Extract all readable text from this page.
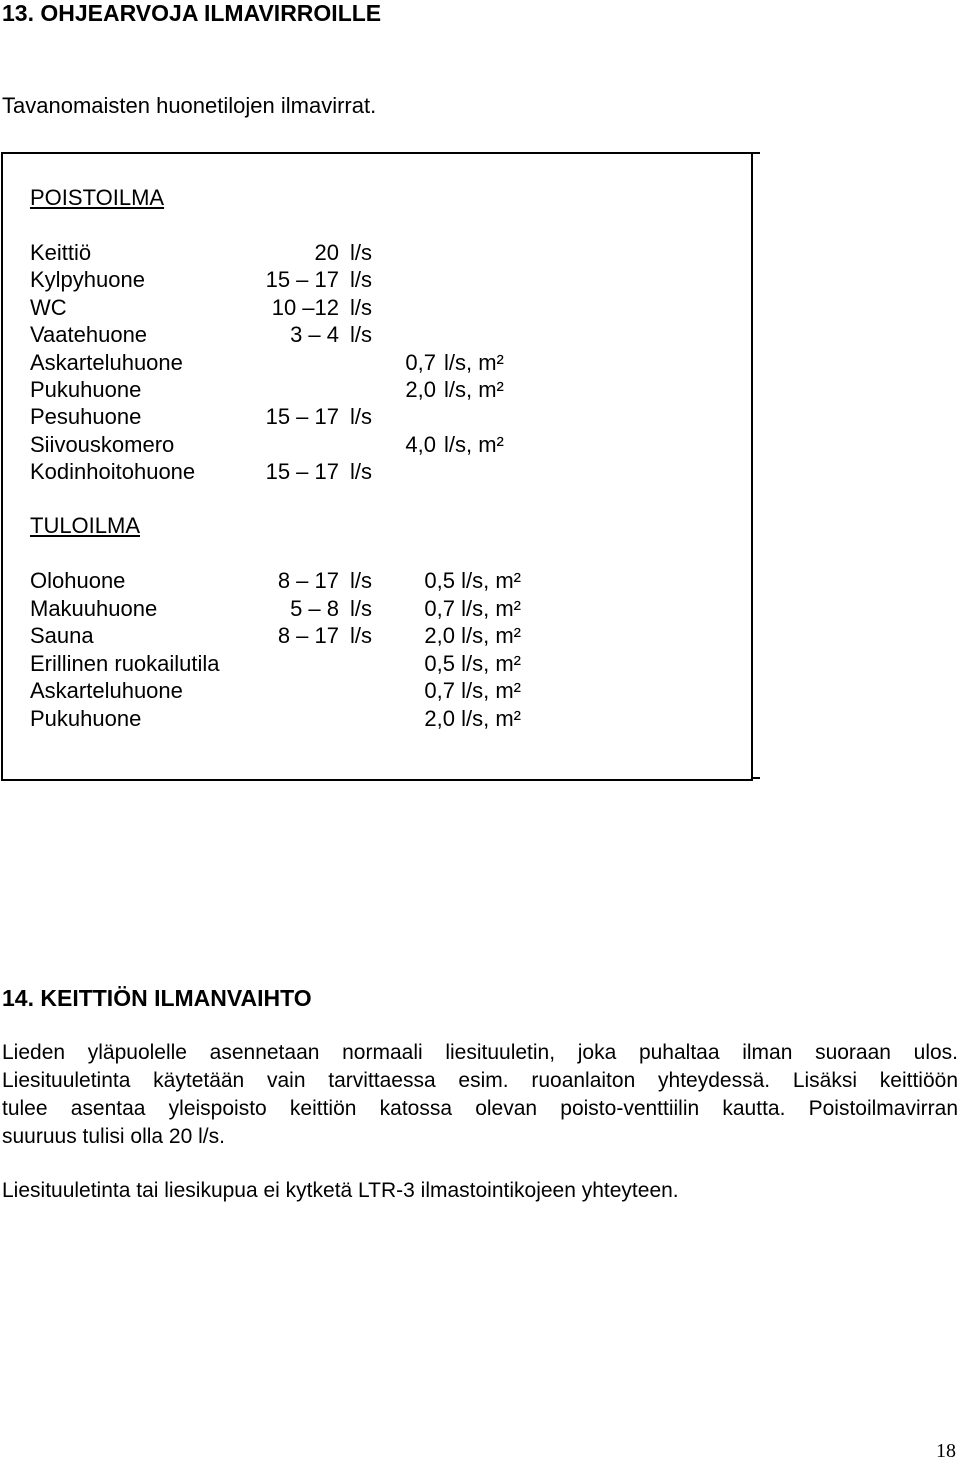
13. OHJEARVOJA ILMAVIRROILLE
Tavanomaisten huonetilojen ilmavirrat.
POISTOILMA
TULOILMA
14. KEITTIÖN ILMANVAIHTO
Lieden yläpuolelle asennetaan normaali liesituuletin, joka puhaltaa ilman suoraan ulos.
Liesituuletinta käytetään vain tarvittaessa esim. ruoanlaiton yhteydessä. Lisäksi keittiöön
tulee asentaa yleispoisto keittiön katossa olevan poisto-venttiilin kautta. Poistoilmavirran
suuruus tulisi olla 20 l/s.
Liesituuletinta tai liesikupua ei kytketä LTR-3 ilmastointikojeen yhteyteen.
18
Keittiö	20 l/s
Kylpyhuone	15 – 17 l/s
WC	10 –12 l/s
Vaatehuone	3 – 4 l/s
Askarteluhuone	0,7 l/s, m²
Pukuhuone	2,0 l/s, m²
Pesuhuone	15 – 17 l/s
Siivouskomero	4,0 l/s, m²
Kodinhoitohuone	15 – 17 l/s
Olohuone	8 – 17 l/s	0,5 l/s, m²
Makuuhuone	5 – 8 l/s	0,7 l/s, m²
Sauna	8 – 17 l/s	2,0 l/s, m²
Erillinen ruokailutila	0,5 l/s, m²
Askarteluhuone	0,7 l/s, m²
Pukuhuone	2,0 l/s, m²
